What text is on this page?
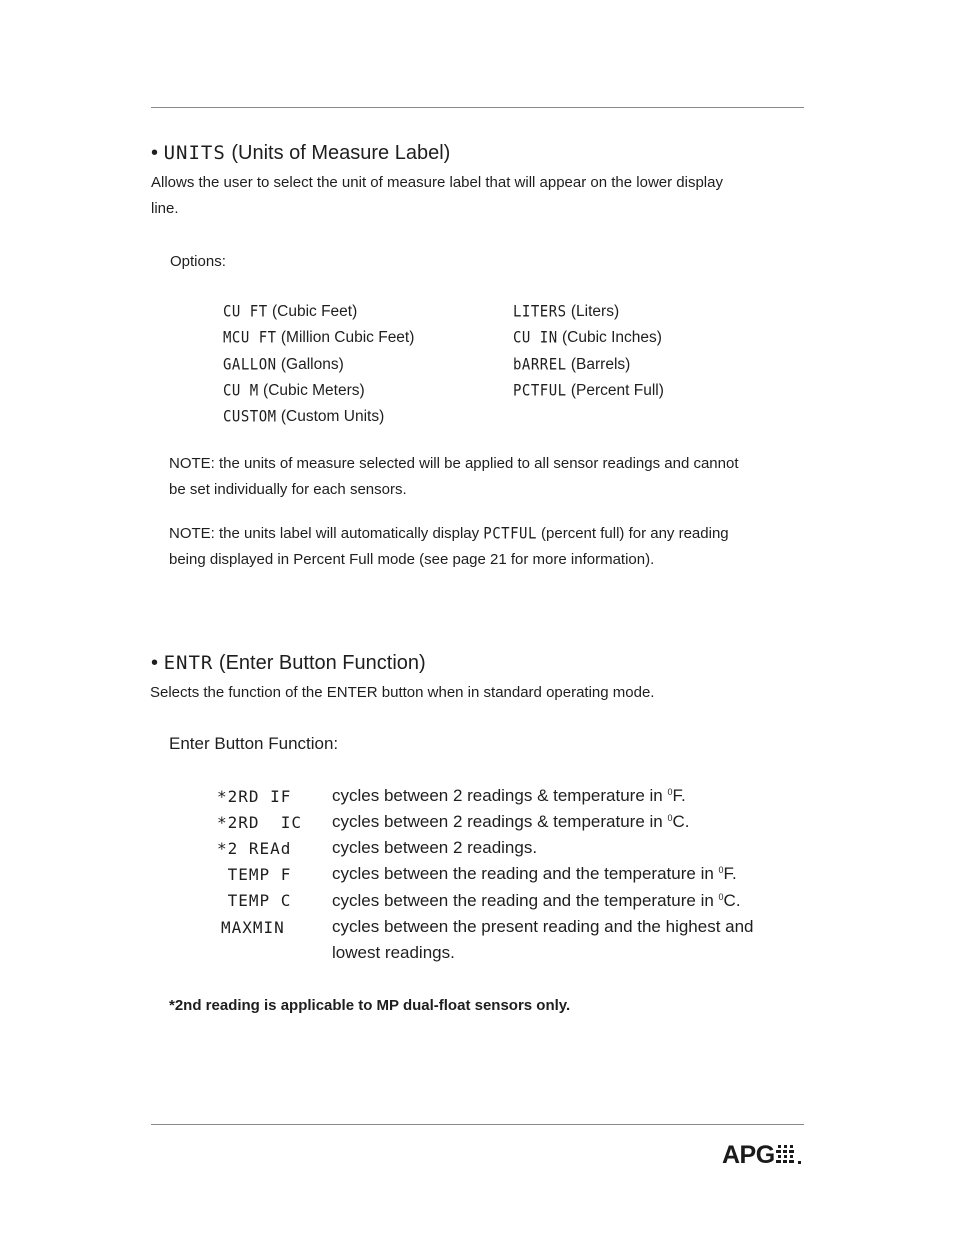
• UNITS (Units of Measure Label)
Allows the user to select the unit of measure label that will appear on the lower display
line.
Options:
CU FT (Cubic Feet)
MCU FT (Million Cubic Feet)
GALLON (Gallons)
CU M (Cubic Meters)
CUSTOM (Custom Units)
LITERS (Liters)
CU IN (Cubic Inches)
bARREL (Barrels)
PCTFUL (Percent Full)
NOTE: the units of measure selected will be applied to all sensor readings and cannot
be set individually for each sensors.
NOTE: the units label will automatically display PCTFUL (percent full) for any reading
being displayed in Percent Full mode (see page 21 for more information).
• ENTR (Enter Button Function)
Selects the function of the ENTER button when in standard operating mode.
Enter Button Function:
*2RD IF cycles between 2 readings & temperature in $^0$F.
*2RD  IC cycles between 2 readings & temperature in $^0$C.
*2 REAd cycles between 2 readings.
TEMP F cycles between the reading and the temperature in $^0$F.
TEMP C cycles between the reading and the temperature in $^0$C.
MAXMIN	cycles between the present reading and the highest and
lowest readings.
*2nd reading is applicable to MP dual-float sensors only.
APG
